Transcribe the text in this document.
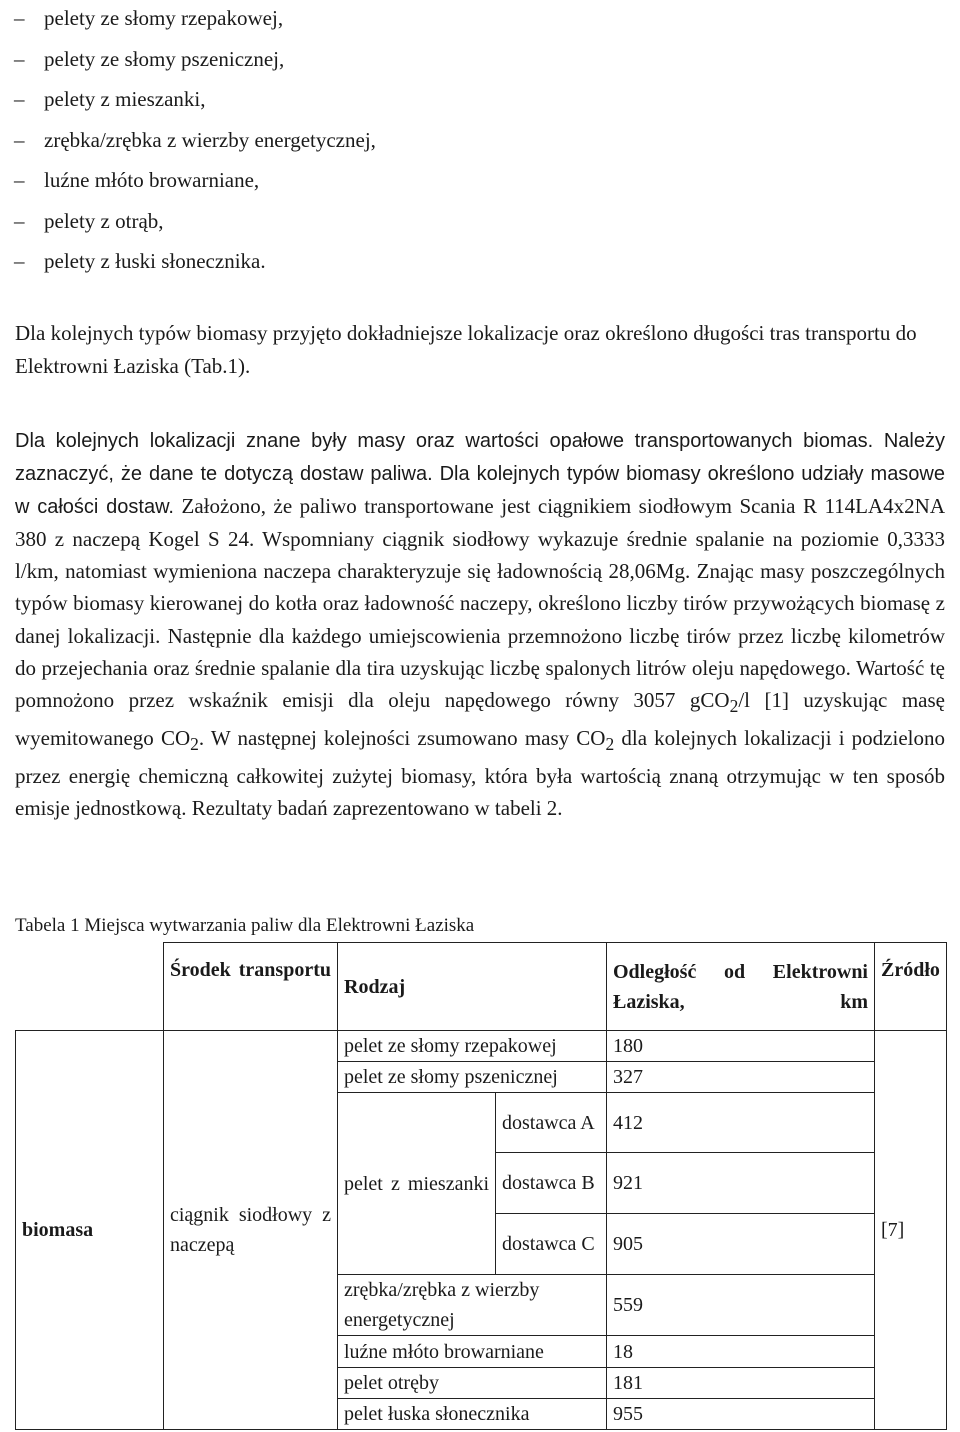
– pelety ze słomy rzepakowej,
– pelety ze słomy pszenicznej,
– pelety z mieszanki,
– zrębka/zrębka z wierzby energetycznej,
– luźne młóto browarniane,
– pelety z otrąb,
– pelety z łuski słonecznika.

Dla kolejnych typów biomasy przyjęto dokładniejsze lokalizacje oraz określono długości tras transportu do Elektrowni Łaziska (Tab.1).

Dla kolejnych lokalizacji znane były masy oraz wartości opałowe transportowanych biomas. Należy zaznaczyć, że dane te dotyczą dostaw paliwa. Dla kolejnych typów biomasy określono udziały masowe w całości dostaw. Założono, że paliwo transportowane jest ciągnikiem siodłowym Scania R 114LA4x2NA 380 z naczepą Kogel S 24. Wspomniany ciągnik siodłowy wykazuje średnie spalanie na poziomie 0,3333 l/km, natomiast wymieniona naczepa charakteryzuje się ładownością 28,06Mg. Znając masy poszczególnych typów biomasy kierowanej do kotła oraz ładowność naczepy, określono liczby tirów przywożących biomasę z danej lokalizacji. Następnie dla każdego umiejscowienia przemnożono liczbę tirów przez liczbę kilometrów do przejechania oraz średnie spalanie dla tira uzyskując liczbę spalonych litrów oleju napędowego. Wartość tę pomnożono przez wskaźnik emisji dla oleju napędowego równy 3057 gCO$_2$/l [1] uzyskując masę wyemitowanego $CO_2$. W następnej kolejności zsumowano masy $CO_2$ dla kolejnych lokalizacji i podzielono przez energię chemiczną całkowitej zużytej biomasy, która była wartością znaną otrzymując w ten sposób emisje jednostkową. Rezultaty badań zaprezentowano w tabeli 2.

Tabela 1 Miejsca wytwarzania paliw dla Elektrowni Łaziska
	Środek transportu	Rodzaj		Odległość od Elektrowni Łaziska, km	Źródło
biomasa	ciągnik siodłowy z naczepą	pelet ze słomy rzepakowej		180	[7]
		pelet ze słomy pszenicznej		327	
		pelet z mieszanki	dostawca A	412	
			dostawca B	921	
			dostawca C	905	
		zrębka/zrębka z wierzby energetycznej		559	
		luźne młóto browarniane		18	
		pelet otręby		181	
		pelet łuska słonecznika		955	
